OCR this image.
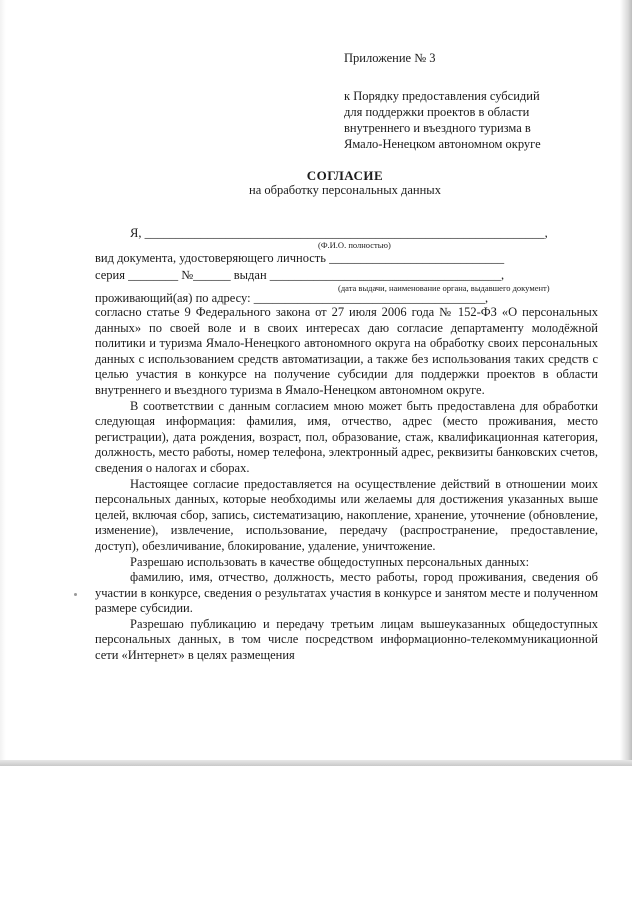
Приложение № 3
к Порядку предоставления субсидий
для поддержки проектов в области
внутреннего и въездного туризма в
Ямало-Ненецком автономном округе
СОГЛАСИЕ
на обработку персональных данных
Я, ________________________________________________________________,
(Ф.И.О. полностью)
вид документа, удостоверяющего личность ____________________________
серия ________ №______ выдан _____________________________________,
(дата выдачи, наименование органа, выдавшего документ)
проживающий(ая) по адресу: _____________________________________,

согласно статье 9 Федерального закона от 27 июля 2006 года № 152-ФЗ «О персональных данных» по своей воле и в своих интересах даю согласие департаменту молодёжной политики и туризма Ямало-Ненецкого автономного округа на обработку своих персональных данных с использованием средств автоматизации, а также без использования таких средств с целью участия в конкурсе на получение субсидии для поддержки проектов в области внутреннего и въездного туризма в Ямало-Ненецком автономном округе.

В соответствии с данным согласием мною может быть предоставлена для обработки следующая информация: фамилия, имя, отчество, адрес (место проживания, место регистрации), дата рождения, возраст, пол, образование, стаж, квалификационная категория, должность, место работы, номер телефона, электронный адрес, реквизиты банковских счетов, сведения о налогах и сборах.

Настоящее согласие предоставляется на осуществление действий в отношении моих персональных данных, которые необходимы или желаемы для достижения указанных выше целей, включая сбор, запись, систематизацию, накопление, хранение, уточнение (обновление, изменение), извлечение, использование, передачу (распространение, предоставление, доступ), обезличивание, блокирование, удаление, уничтожение.

Разрешаю использовать в качестве общедоступных персональных данных:

фамилию, имя, отчество, должность, место работы, город проживания, сведения об участии в конкурсе, сведения о результатах участия в конкурсе и занятом месте и полученном размере субсидии.

Разрешаю публикацию и передачу третьим лицам вышеуказанных общедоступных персональных данных, в том числе посредством информационно-телекоммуникационной сети «Интернет» в целях размещения
